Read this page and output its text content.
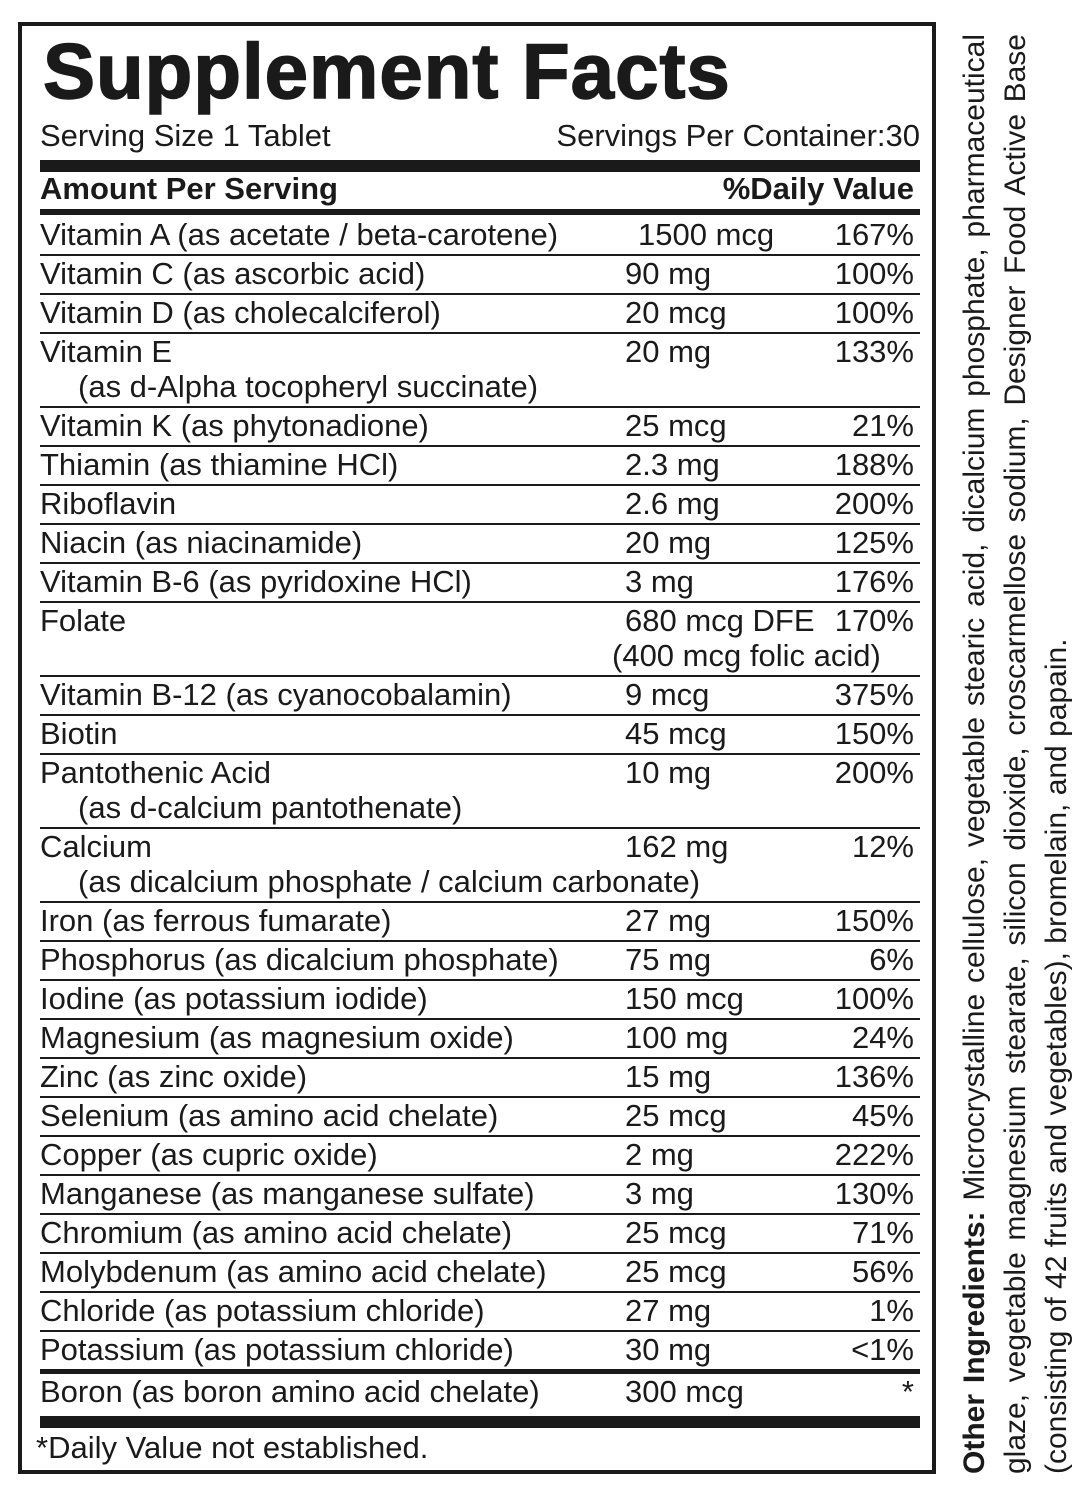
Supplement Facts
Serving Size 1 Tablet	Servings Per Container:30
Amount Per Serving	%Daily Value
Vitamin A (as acetate / beta-carotene)	1500 mcg 167%
Vitamin C (as ascorbic acid)	90 mg	100%
Vitamin D (as cholecalciferol)	20 mcg	100%
Vitamin E	20 mg	133%
(as d-Alpha tocopheryl succinate)
Vitamin K (as phytonadione)	25 mcg	21%
Thiamin (as thiamine HCl)	2.3 mg	188%
Riboflavin	2.6 mg	200%
Niacin (as niacinamide)	20 mg	125%
Vitamin B-6 (as pyridoxine HCl)	3 mg	176%
Folate	680 mcg DFE 170%
(400 mcg folic acid)
Vitamin B-12 (as cyanocobalamin)	9 mcg	375%
Biotin	45 mcg	150%
Pantothenic Acid	10 mg	200%
(as d-calcium pantothenate)
Calcium	162 mg	12%
(as dicalcium phosphate / calcium carbonate)
Iron (as ferrous fumarate)	27 mg	150%
Phosphorus (as dicalcium phosphate) 75 mg	6%
Iodine (as potassium iodide)	150 mcg	100%
Magnesium (as magnesium oxide)	100 mg	24%
Zinc (as zinc oxide)	15 mg	136%
Selenium (as amino acid chelate)	25 mcg	45%
Copper (as cupric oxide)	2 mg	222%
Manganese (as manganese sulfate)	3 mg	130%
Chromium (as amino acid chelate)	25 mcg	71%
Molybdenum (as amino acid chelate)	25 mcg	56%
Chloride (as potassium chloride)	27 mg	1%
Potassium (as potassium chloride)	30 mg	<1%
Boron (as boron amino acid chelate)	300 mcg	*
*Daily Value not established.	Other Ingredients: Microcrystalline cellulose, vegetable stearic acid, dicalcium phosphate, pharmaceutical glaze, vegetable magnesium stearate, silicon dioxide, croscarmellose sodium, Designer Food Active Base (consisting of 42 fruits and vegetables), bromelain, and papain.
